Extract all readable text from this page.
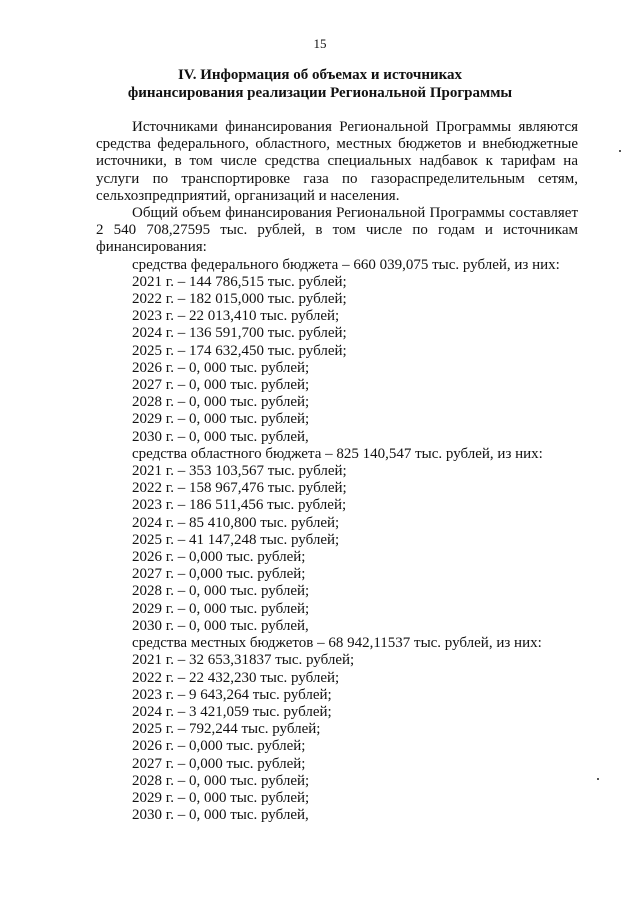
15
IV. Информация об объемах и источниках
финансирования реализации Региональной Программы

Источниками финансирования Региональной Программы являются средства федерального, областного, местных бюджетов и внебюджетные источники, в том числе средства специальных надбавок к тарифам на услуги по транспортировке газа по газораспределительным сетям, сельхозпредприятий, организаций и населения.

Общий объем финансирования Региональной Программы составляет 2 540 708,27595 тыс. рублей, в том числе по годам и источникам финансирования:

средства федерального бюджета – 660 039,075 тыс. рублей, из них:
2021 г. – 144 786,515 тыс. рублей;
2022 г. – 182 015,000 тыс. рублей;
2023 г. – 22 013,410 тыс. рублей;
2024 г. – 136 591,700 тыс. рублей;
2025 г. – 174 632,450 тыс. рублей;
2026 г. – 0, 000 тыс. рублей;
2027 г. – 0, 000 тыс. рублей;
2028 г. – 0, 000 тыс. рублей;
2029 г. – 0, 000 тыс. рублей;
2030 г. – 0, 000 тыс. рублей,
средства областного бюджета – 825 140,547 тыс. рублей, из них:
2021 г. – 353 103,567 тыс. рублей;
2022 г. – 158 967,476 тыс. рублей;
2023 г. – 186 511,456 тыс. рублей;
2024 г. – 85 410,800 тыс. рублей;
2025 г. – 41 147,248 тыс. рублей;
2026 г. – 0,000 тыс. рублей;
2027 г. – 0,000 тыс. рублей;
2028 г. – 0, 000 тыс. рублей;
2029 г. – 0, 000 тыс. рублей;
2030 г. – 0, 000 тыс. рублей,
средства местных бюджетов – 68 942,11537 тыс. рублей, из них:
2021 г. – 32 653,31837 тыс. рублей;
2022 г. – 22 432,230 тыс. рублей;
2023 г. – 9 643,264 тыс. рублей;
2024 г. – 3 421,059 тыс. рублей;
2025 г. – 792,244 тыс. рублей;
2026 г. – 0,000 тыс. рублей;
2027 г. – 0,000 тыс. рублей;
2028 г. – 0, 000 тыс. рублей;
2029 г. – 0, 000 тыс. рублей;
2030 г. – 0, 000 тыс. рублей,
